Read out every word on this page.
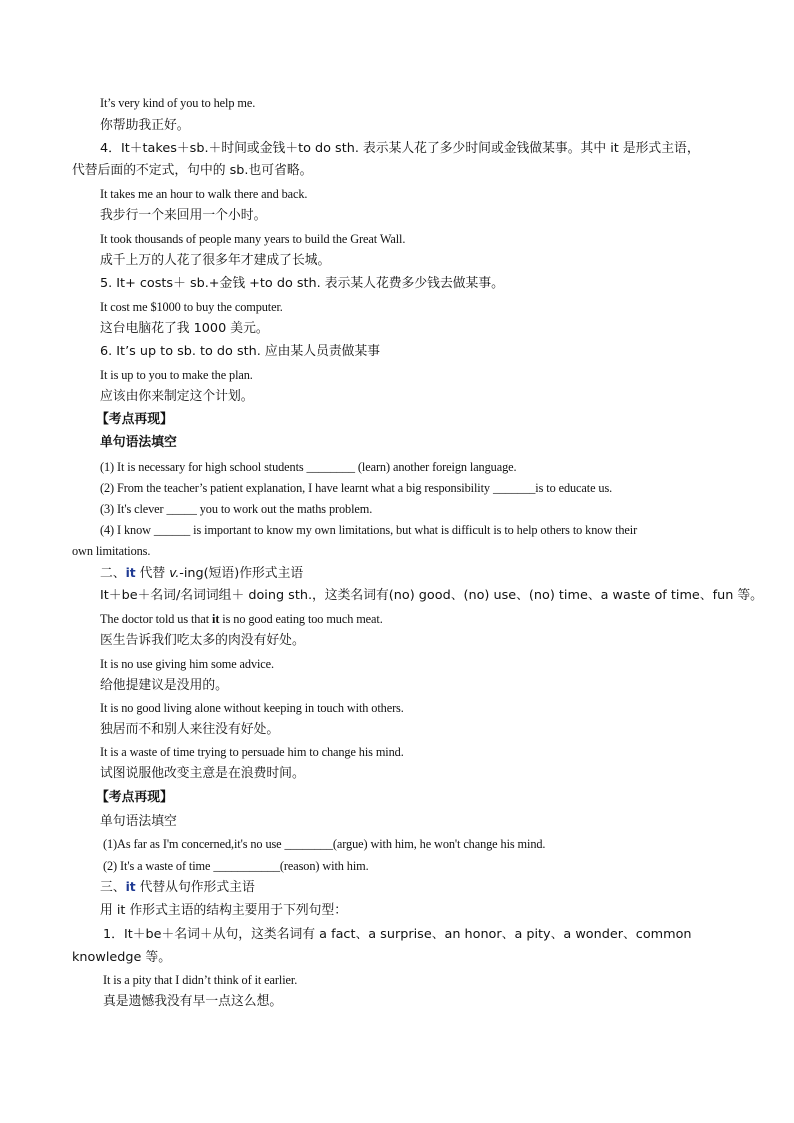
It’s very kind of you to help me.
你帮助我正好。
4．It＋takes＋sb.＋时间或金钱＋to do sth. 表示某人花了多少时间或金钱做某事。其中 it 是形式主语，
代替后面的不定式，句中的 sb.也可省略。
It takes me an hour to walk there and back.
我步行一个来回用一个小时。
It took thousands of people many years to build the Great Wall.
成千上万的人花了很多年才建成了长城。
5. It+ costs＋ sb.+金钱 +to do sth. 表示某人花费多少钱去做某事。
It cost me $1000 to buy the computer.
这台电脑花了我 1000 美元。
6. It’s up to sb. to do sth. 应由某人员责做某事
It is up to you to make the plan.
应该由你来制定这个计划。
【考点再现】
单句语法填空
(1) It is necessary for high school students ________ (learn) another foreign language.
(2) From the teacher’s patient explanation, I have learnt what a big responsibility _______is to educate us.
(3) It's clever _____ you to work out the maths problem.
(4) I know ______ is important to know my own limitations, but what is difficult is to help others to know their
own limitations.
二、it 代替 v.-ing(短语)作形式主语
It＋be＋名词/名词词组＋ doing sth.，这类名词有(no) good、(no) use、(no) time、a waste of time、fun 等。
The doctor told us that it is no good eating too much meat.
医生告诉我们吃太多的肉没有好处。
It is no use giving him some advice.
给他提建议是没用的。
It is no good living alone without keeping in touch with others.
独居而不和别人来往没有好处。
It is a waste of time trying to persuade him to change his mind.
试图说服他改变主意是在浪费时间。
【考点再现】
单句语法填空
(1)As far as I'm concerned,it's no use ________(argue) with him, he won't change his mind.
(2) It's a waste of time ___________(reason) with him.
三、it 代替从句作形式主语
用 it 作形式主语的结构主要用于下列句型：
1．It＋be＋名词＋从句，这类名词有 a fact、a surprise、an honor、a pity、a wonder、common
knowledge 等。
It is a pity that I didn’t think of it earlier.
真是遗憾我没有早一点这么想。
